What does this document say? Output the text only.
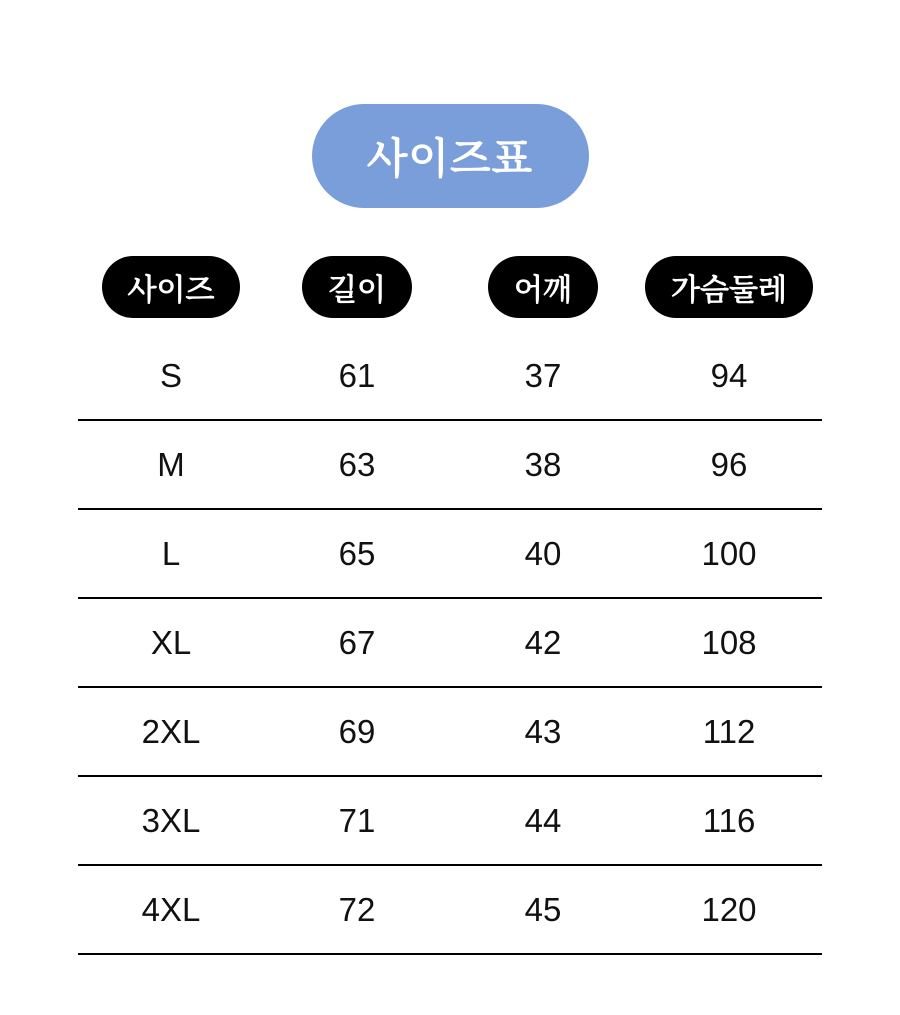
사이즈표
사이즈	길이	어깨	가슴둘레
S	61	37	94
M	63	38	96
L	65	40	100
XL	67	42	108
2XL	69	43	112
3XL	71	44	116
4XL	72	45	120
